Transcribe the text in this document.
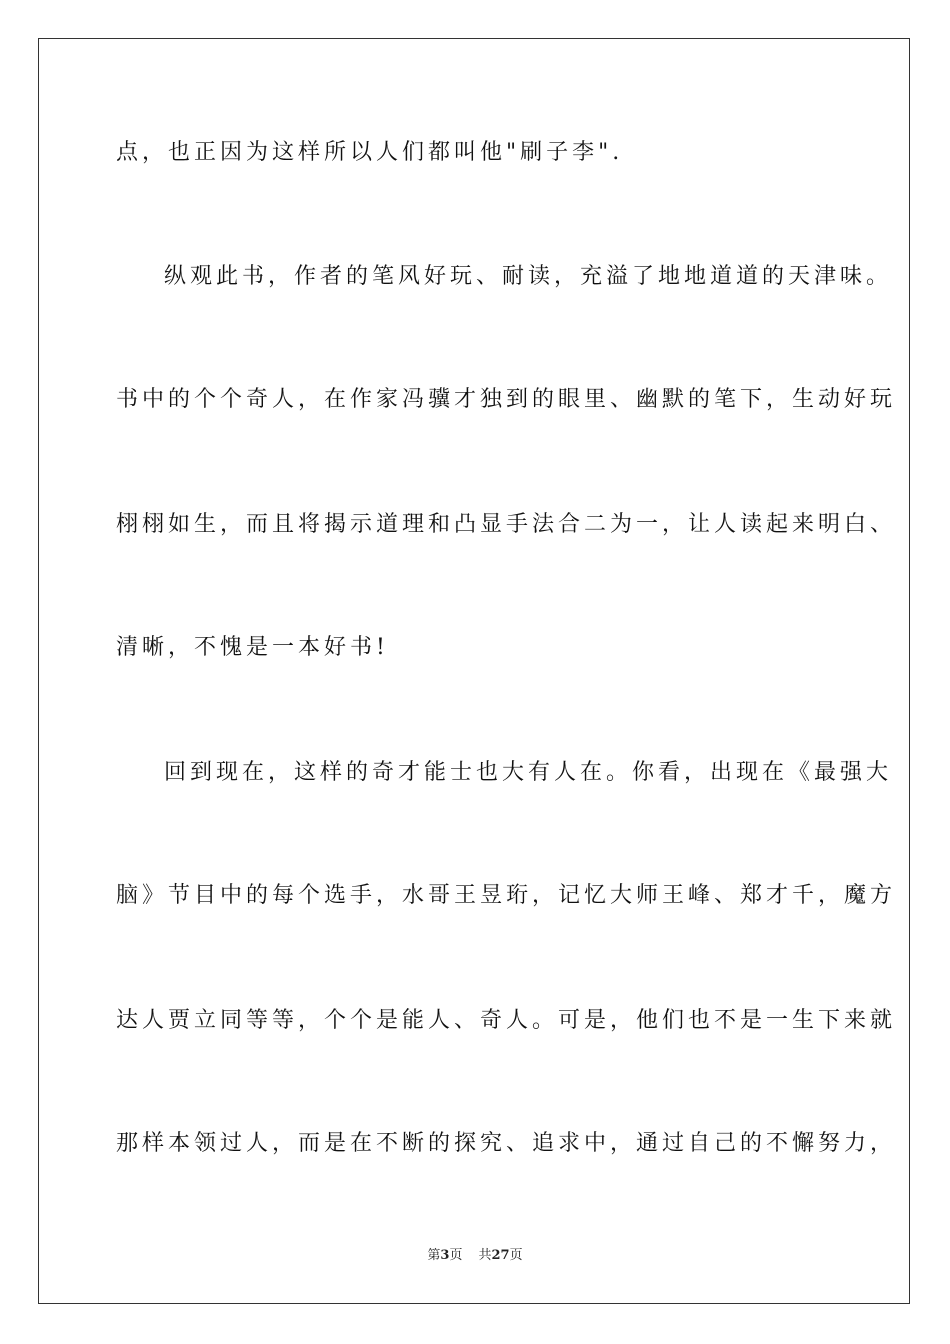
点，也正因为这样所以人们都叫他"刷子李".
纵观此书，作者的笔风好玩、耐读，充溢了地地道道的天津味。
书中的个个奇人，在作家冯骥才独到的眼里、幽默的笔下，生动好玩
栩栩如生，而且将揭示道理和凸显手法合二为一，让人读起来明白、
清晰，不愧是一本好书!
回到现在，这样的奇才能士也大有人在。你看，出现在《最强大
脑》节目中的每个选手，水哥王昱珩，记忆大师王峰、郑才千，魔方
达人贾立同等等，个个是能人、奇人。可是，他们也不是一生下来就
那样本领过人，而是在不断的探究、追求中，通过自己的不懈努力，
第3页 共27页
